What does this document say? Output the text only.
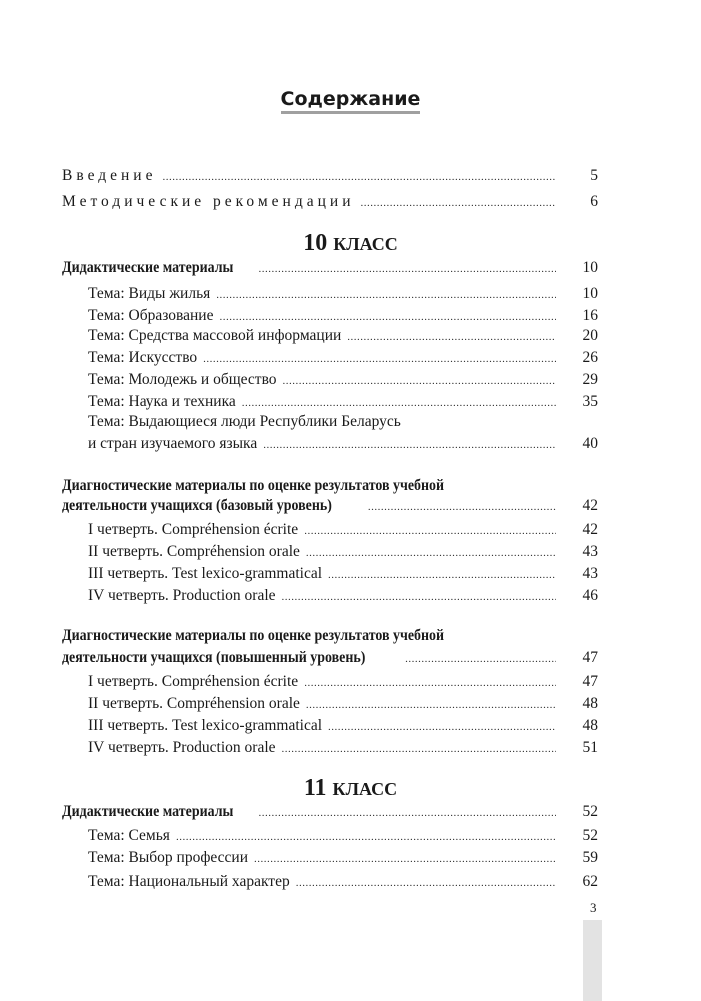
Содержание
3
Введение .....	5
Методические рекомендации .....	6
10 КЛАСС
Дидактические материалы .....	10
Тема: Виды жилья .....	10
Тема: Образование .....	16
Тема: Средства массовой информации .....	20
Тема: Искусство .....	26
Тема: Молодежь и общество .....	29
Тема: Наука и техника .....	35
Тема: Выдающиеся люди Республики Беларусь
и стран изучаемого языка .....	40
Диагностические материалы по оценке результатов учебной
деятельности учащихся (базовый уровень) .....	42
I четверть. Compréhension écrite .....	42
II четверть. Compréhension orale .....	43
III четверть. Test lexico-grammatical .....	43
IV четверть. Production orale .....	46
Диагностические материалы по оценке результатов учебной
деятельности учащихся (повышенный уровень) .....	47
I четверть. Compréhension écrite .....	47
II четверть. Compréhension orale .....	48
III четверть. Test lexico-grammatical .....	48
IV четверть. Production orale .....	51
11 КЛАСС
Дидактические материалы .....	52
Тема: Семья .....	52
Тема: Выбор профессии .....	59
Тема: Национальный характер .....	62
